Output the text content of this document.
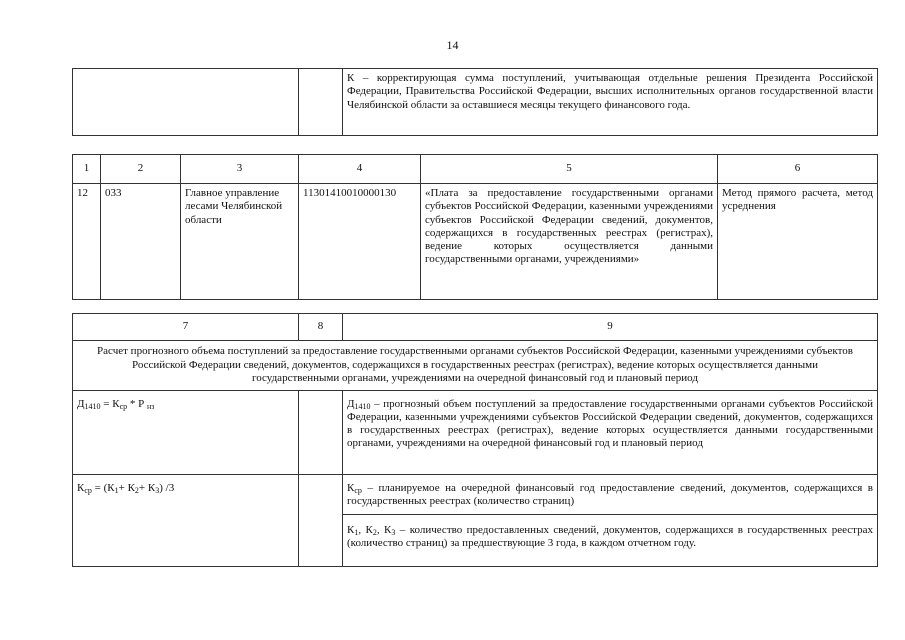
14
		К – корректирующая сумма поступлений, учитывающая отдельные решения Президента Российской Федерации, Правительства Российской Федерации, высших исполнительных органов государственной власти Челябинской области за оставшиеся месяцы текущего финансового года.
1	2	3	4	5	6
12	033	Главное управление лесами Челябинской области	11301410010000130	«Плата за предоставление государственными органами субъектов Российской Федерации, казенными учреждениями субъектов Российской Федерации сведений, документов, содержащихся в государственных реестрах (регистрах), ведение которых осуществляется данными государственными органами, учреждениями»	Метод прямого расчета, метод усреднения
7	8	9
Расчет прогнозного объема поступлений за предоставление государственными органами субъектов Российской Федерации, казенными учреждениями субъектов Российской Федерации сведений, документов, содержащихся в государственных реестрах (регистрах), ведение которых осуществляется данными государственными органами, учреждениями на очередной финансовый год и плановый период		
$Д_{1410} = К_{ср} * Р$ $_{нз}$		$Д_{1410}$ – прогнозный объем поступлений за предоставление государственными органами субъектов Российской Федерации, казенными учреждениями субъектов Российской Федерации сведений, документов, содержащихся в государственных реестрах (регистрах), ведение которых осуществляется данными государственными органами, учреждениями на очередной финансовый год и плановый период
$К_{ср} = (К_1+ К_2+ К_3)$ /3		$К_{ср}$ – планируемое на очередной финансовый год предоставление сведений, документов, содержащихся в государственных реестрах (количество страниц)
		$К_1$, $К_2$, $К_3$ – количество предоставленных сведений, документов, содержащихся в государственных реестрах (количество страниц) за предшествующие 3 года, в каждом отчетном году.
